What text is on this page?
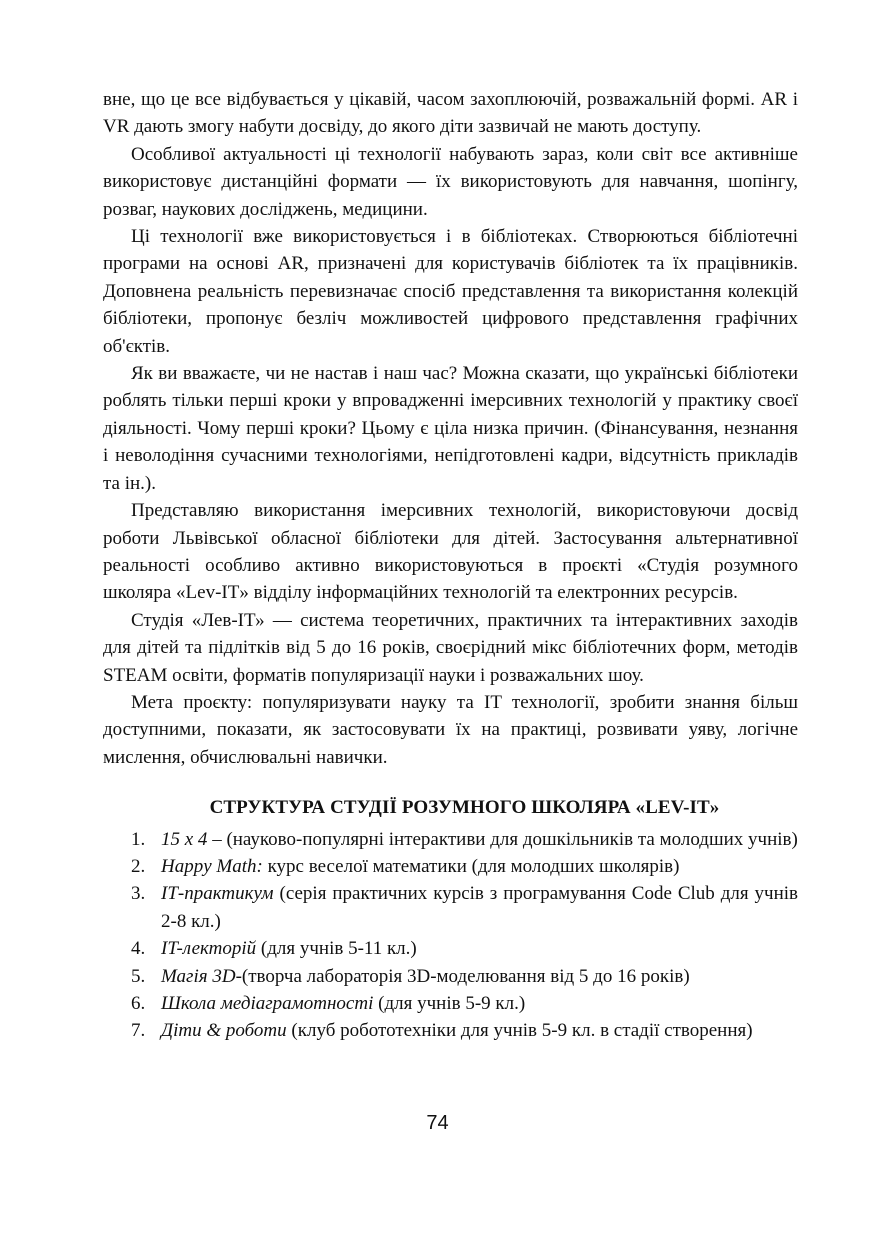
вне, що це все відбувається у цікавій, часом захоплюючій, розважальній формі. AR і VR дають змогу набути досвіду, до якого діти зазвичай не мають доступу.

Особливої актуальності ці технології набувають зараз, коли світ все активніше використовує дистанційні формати — їх використовують для навчання, шопінгу, розваг, наукових досліджень, медицини.

Ці технології вже використовується і в бібліотеках. Створюються бібліотечні програми на основі AR, призначені для користувачів бібліотек та їх працівників. Доповнена реальність перевизначає спосіб представлення та використання колекцій бібліотеки, пропонує безліч можливостей цифрового представлення графічних об'єктів.

Як ви вважаєте, чи не настав і наш час? Можна сказати, що українські бібліотеки роблять тільки перші кроки у впровадженні імерсивних технологій у практику своєї діяльності. Чому перші кроки? Цьому є ціла низка причин. (Фінансування, незнання і неволодіння сучасними технологіями, непідготовлені кадри, відсутність прикладів та ін.).

Представляю використання імерсивних технологій, використовуючи досвід роботи Львівської обласної бібліотеки для дітей. Застосування альтернативної реальності особливо активно використовуються в проєкті «Студія розумного школяра «Lev-IT» відділу інформаційних технологій та електронних ресурсів.

Студія «Лев-ІТ» — система теоретичних, практичних та інтерактивних заходів для дітей та підлітків від 5 до 16 років, своєрідний мікс бібліотечних форм, методів STEAM освіти, форматів популяризації науки і розважальних шоу.

Мета проєкту: популяризувати науку та IT технології, зробити знання більш доступними, показати, як застосовувати їх на практиці, розвивати уяву, логічне мислення, обчислювальні навички.

СТРУКТУРА СТУДІЇ РОЗУМНОГО ШКОЛЯРА «LEV-IT»
1. 15 х 4 – (науково-популярні інтерактиви для дошкільників та молодших учнів)
2. Happy Math: курс веселої математики (для молодших школярів)
3. ІТ-практикум (серія практичних курсів з програмування Code Club для учнів 2-8 кл.)
4. IT-лекторій (для учнів 5-11 кл.)
5. Магія 3D-(творча лабораторія 3D-моделювання від 5 до 16 років)
6. Школа медіаграмотності (для учнів 5-9 кл.)
7. Діти & роботи (клуб робототехніки для учнів 5-9 кл. в стадії створення)
74
